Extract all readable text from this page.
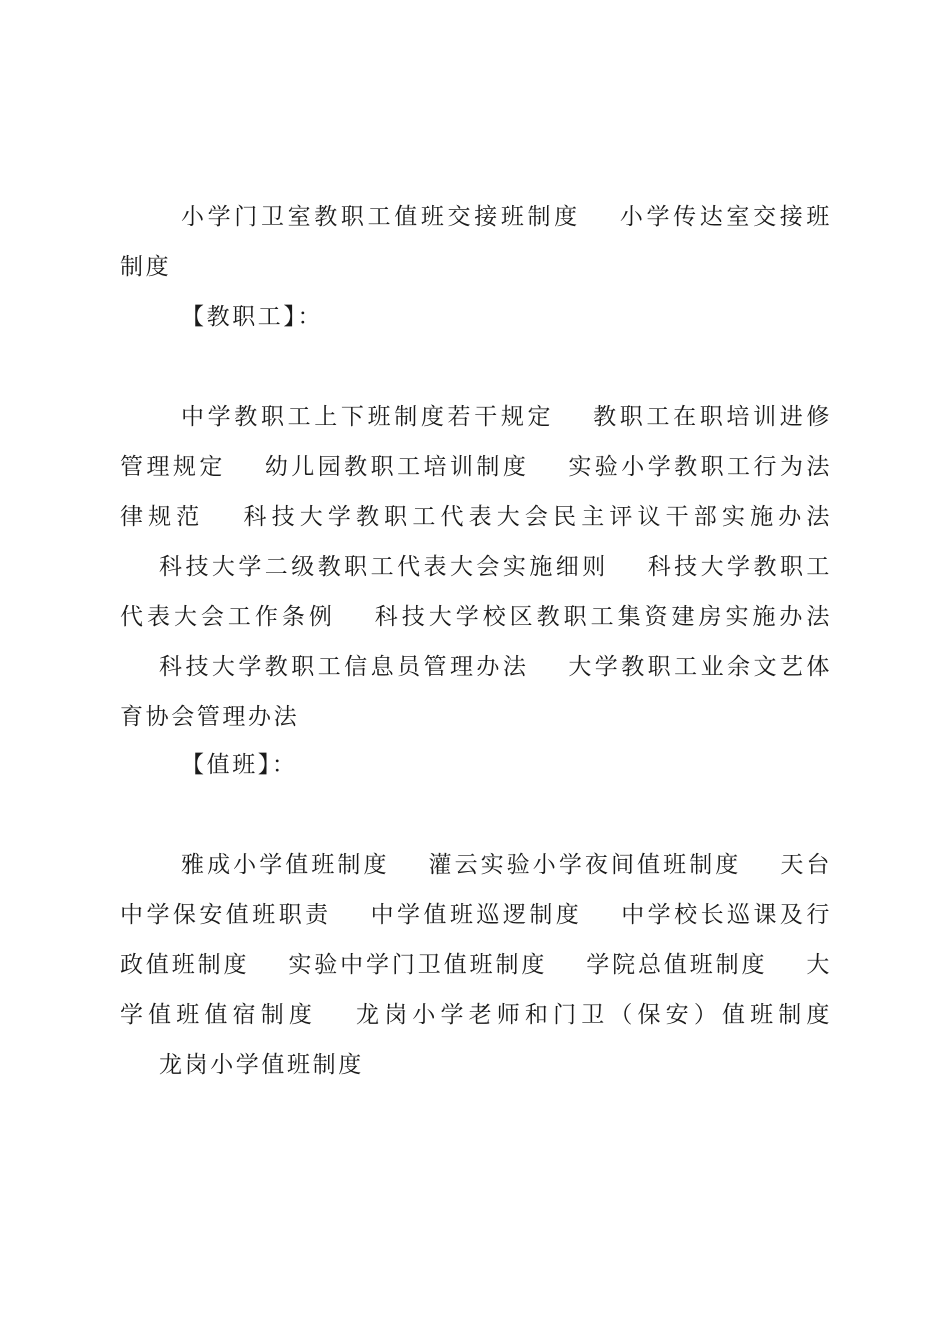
小学门卫室教职工值班交接班制度 小学传达室交接班制度

【教职工】：

中学教职工上下班制度若干规定 教职工在职培训进修管理规定 幼儿园教职工培训制度 实验小学教职工行为法律规范 科技大学教职工代表大会民主评议干部实施办法科技大学二级教职工代表大会实施细则 科技大学教职工代表大会工作条例 科技大学校区教职工集资建房实施办法科技大学教职工信息员管理办法 大学教职工业余文艺体育协会管理办法

【值班】：

雅成小学值班制度 灌云实验小学夜间值班制度 天台中学保安值班职责 中学值班巡逻制度 中学校长巡课及行政值班制度 实验中学门卫值班制度 学院总值班制度 大学值班值宿制度 龙岗小学老师和门卫（保安）值班制度龙岗小学值班制度
